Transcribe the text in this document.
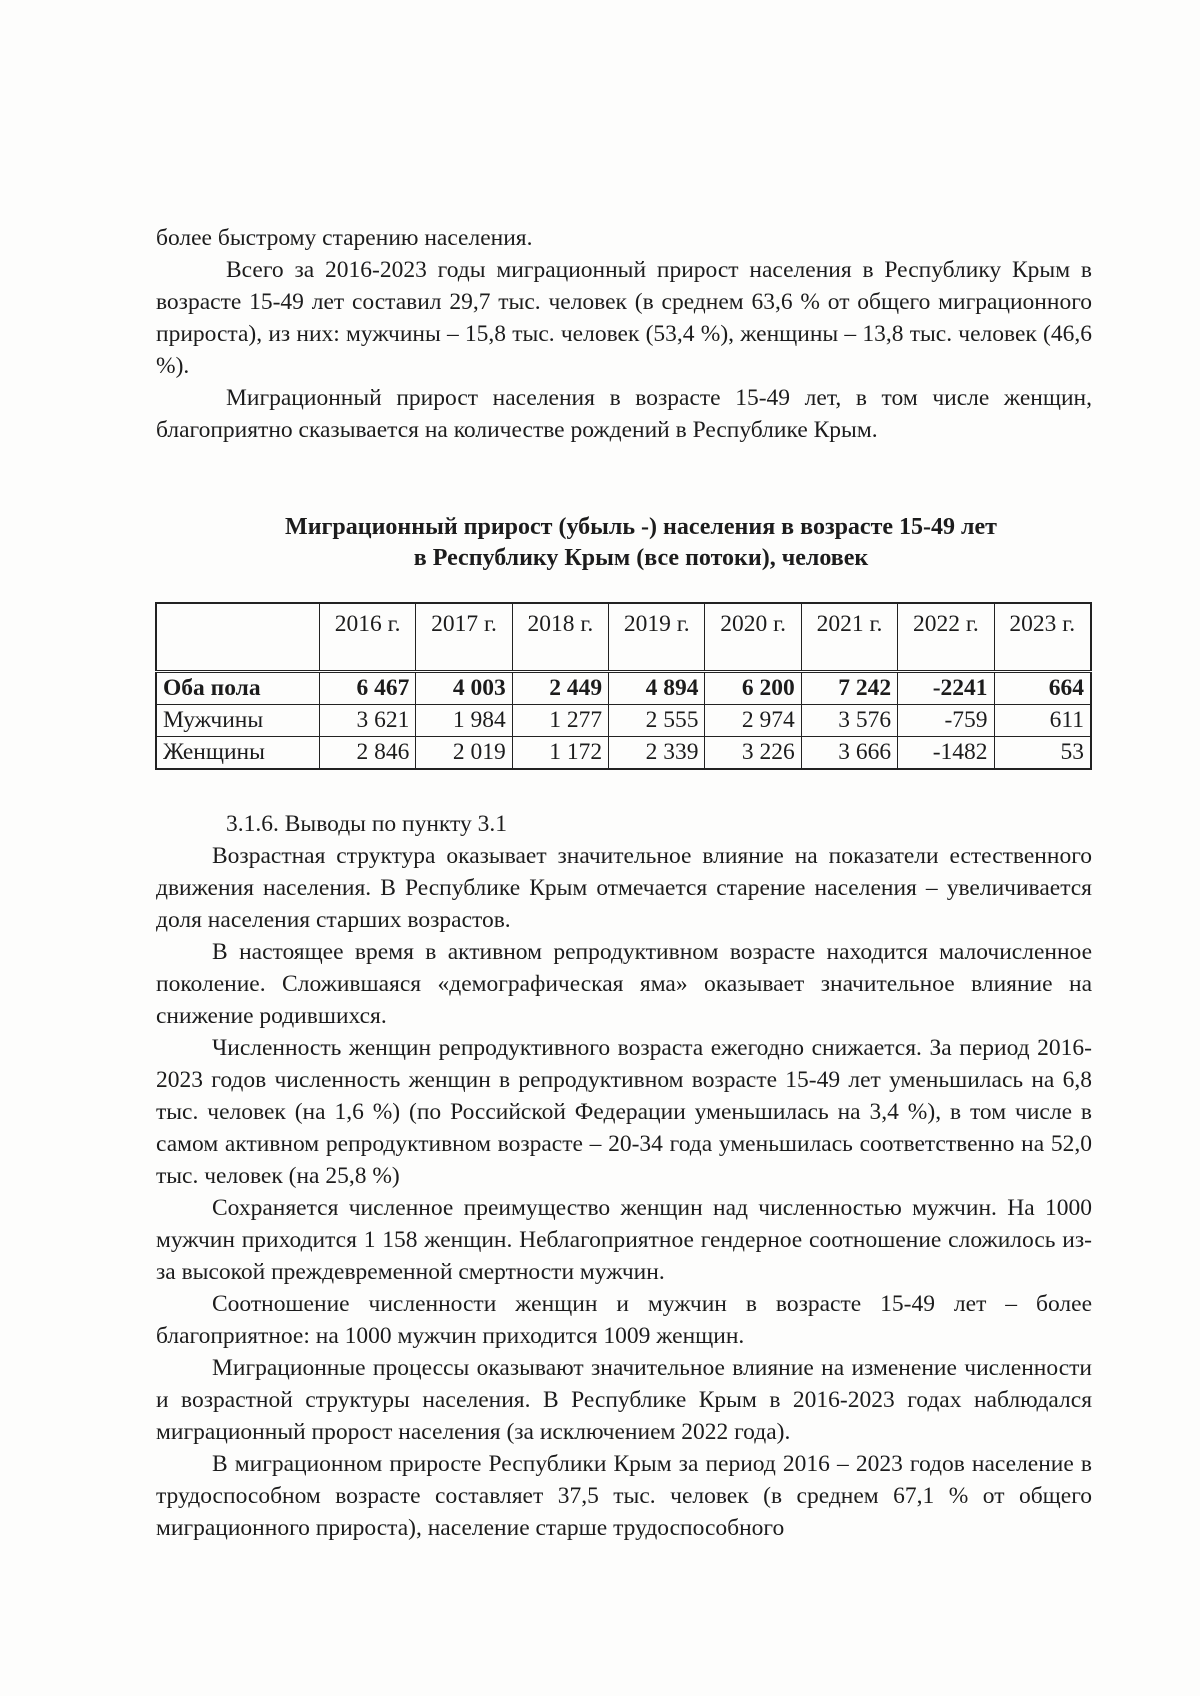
более быстрому старению населения.

Всего за 2016-2023 годы миграционный прирост населения в Республику Крым в возрасте 15-49 лет составил 29,7 тыс. человек (в среднем 63,6 % от общего миграционного прироста), из них: мужчины – 15,8 тыс. человек (53,4 %), женщины – 13,8 тыс. человек (46,6 %).

Миграционный прирост населения в возрасте 15-49 лет, в том числе женщин, благоприятно сказывается на количестве рождений в Республике Крым.

Миграционный прирост (убыль -) населения в возрасте 15-49 лет
в Республику Крым (все потоки), человек
	2016 г.	2017 г.	2018 г.	2019 г.	2020 г.	2021 г.	2022 г.	2023 г.
Оба пола	6 467	4 003	2 449	4 894	6 200	7 242	-2241	664
Мужчины	3 621	1 984	1 277	2 555	2 974	3 576	-759	611
Женщины	2 846	2 019	1 172	2 339	3 226	3 666	-1482	53
3.1.6. Выводы по пункту 3.1

Возрастная структура оказывает значительное влияние на показатели естественного движения населения. В Республике Крым отмечается старение населения – увеличивается доля населения старших возрастов.

В настоящее время в активном репродуктивном возрасте находится малочисленное поколение. Сложившаяся «демографическая яма» оказывает значительное влияние на снижение родившихся.

Численность женщин репродуктивного возраста ежегодно снижается. За период 2016-2023 годов численность женщин в репродуктивном возрасте 15-49 лет уменьшилась на 6,8 тыс. человек (на 1,6 %) (по Российской Федерации уменьшилась на 3,4 %), в том числе в самом активном репродуктивном возрасте – 20-34 года уменьшилась соответственно на 52,0 тыс. человек (на 25,8 %)

Сохраняется численное преимущество женщин над численностью мужчин. На 1000 мужчин приходится 1 158 женщин. Неблагоприятное гендерное соотношение сложилось из-за высокой преждевременной смертности мужчин.

Соотношение численности женщин и мужчин в возрасте 15-49 лет – более благоприятное: на 1000 мужчин приходится 1009 женщин.

Миграционные процессы оказывают значительное влияние на изменение численности и возрастной структуры населения. В Республике Крым в 2016-2023 годах наблюдался миграционный пророст населения (за исключением 2022 года).

В миграционном приросте Республики Крым за период 2016 – 2023 годов население в трудоспособном возрасте составляет 37,5 тыс. человек (в среднем 67,1 % от общего миграционного прироста), население старше трудоспособного
